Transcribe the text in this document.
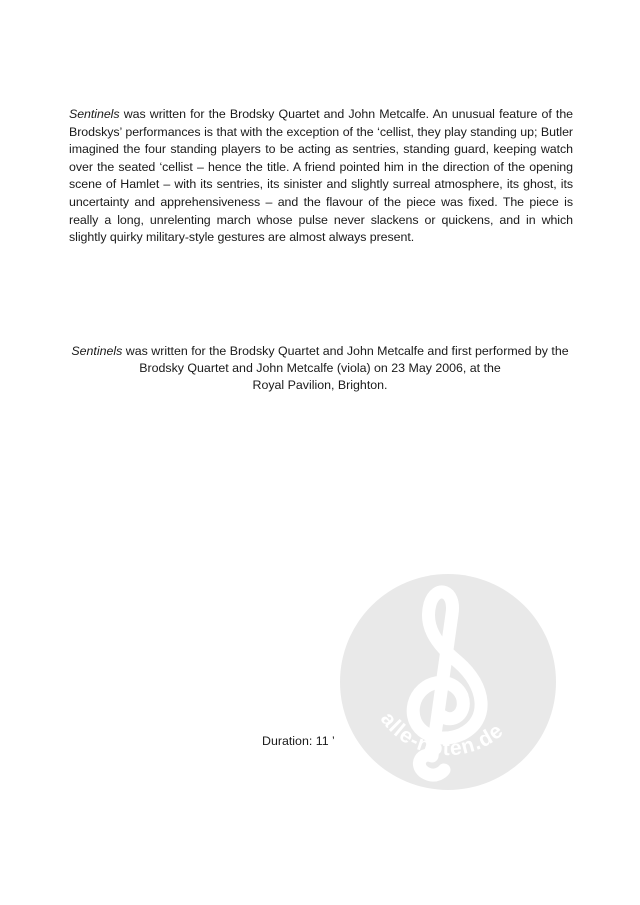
Sentinels was written for the Brodsky Quartet and John Metcalfe. An unusual feature of the Brodskys’ performances is that with the exception of the ‘cellist, they play standing up; Butler imagined the four standing players to be acting as sentries, standing guard, keeping watch over the seated ‘cellist – hence the title. A friend pointed him in the direction of the opening scene of Hamlet – with its sentries, its sinister and slightly surreal atmosphere, its ghost, its uncertainty and apprehensiveness – and the flavour of the piece was fixed. The piece is really a long, unrelenting march whose pulse never slackens or quickens, and in which slightly quirky military-style gestures are almost always present.

Sentinels was written for the Brodsky Quartet and John Metcalfe and first performed by the
Brodsky Quartet and John Metcalfe (viola) on 23 May 2006, at the
Royal Pavilion, Brighton.

alle-noten.de

Duration: 11 ’
